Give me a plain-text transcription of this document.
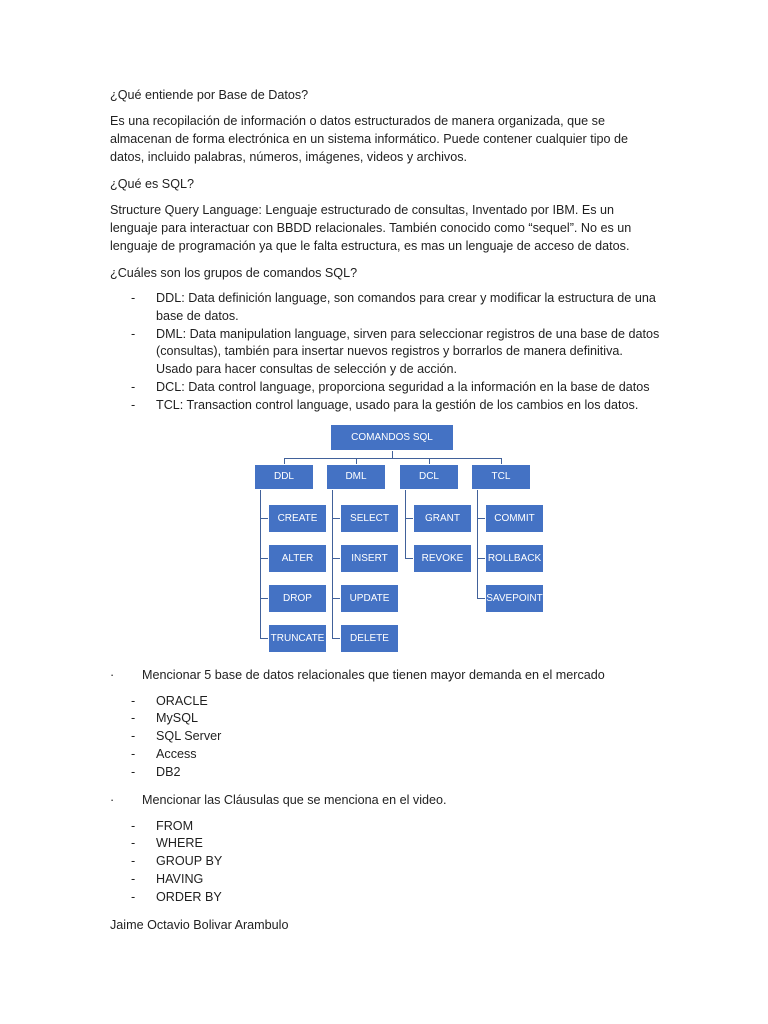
¿Qué entiende por Base de Datos?

Es una recopilación de información o datos estructurados de manera organizada, que se almacenan de forma electrónica en un sistema informático. Puede contener cualquier tipo de datos, incluido palabras, números, imágenes, videos y archivos.

¿Qué es SQL?

Structure Query Language: Lenguaje estructurado de consultas, Inventado por IBM. Es un lenguaje para interactuar con BBDD relacionales. También conocido como “sequel”. No es un lenguaje de programación ya que le falta estructura, es mas un lenguaje de acceso de datos.

¿Cuáles son los grupos de comandos SQL?

- DDL: Data definición language, son comandos para crear y modificar la estructura de una base de datos.
- DML: Data manipulation language, sirven para seleccionar registros de una base de datos (consultas), también para insertar nuevos registros y borrarlos de manera definitiva. Usado para hacer consultas de selección y de acción.
- DCL: Data control language, proporciona seguridad a la información en la base de datos
- TCL: Transaction control language, usado para la gestión de los cambios en los datos.
COMANDOS SQL
DDL
CREATE
ALTER
DROP
TRUNCATE
DML
SELECT
INSERT
UPDATE
DELETE
DCL
GRANT
REVOKE
TCL
COMMIT
ROLLBACK
SAVEPOINT
· Mencionar 5 base de datos relacionales que tienen mayor demanda en el mercado
- ORACLE
- MySQL
- SQL Server
- Access
- DB2
· Mencionar las Cláusulas que se menciona en el video.
- FROM
- WHERE
- GROUP BY
- HAVING
- ORDER BY

Jaime Octavio Bolivar Arambulo
